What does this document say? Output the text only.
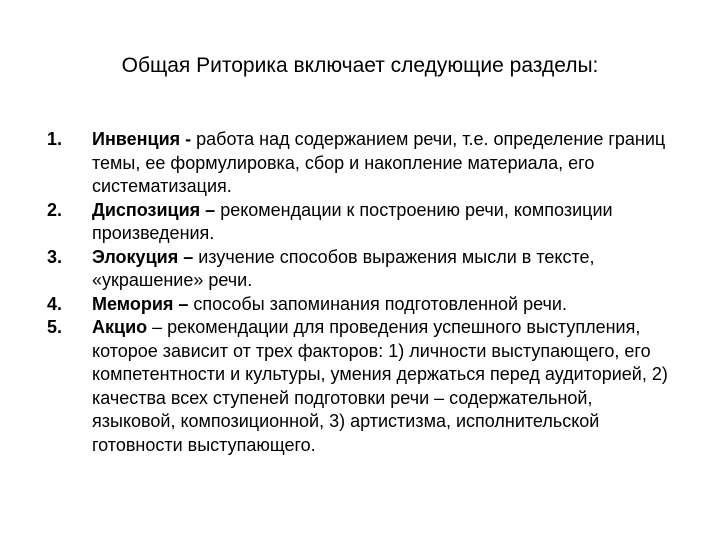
Общая Риторика включает следующие разделы:
1. Инвенция - работа над содержанием речи, т.е. определение границ темы, ее формулировка, сбор и накопление материала, его систематизация.
2. Диспозиция – рекомендации к построению речи, композиции произведения.
3. Элокуция – изучение способов выражения мысли в тексте, «украшение» речи.
4. Мемория – способы запоминания подготовленной речи.
5. Акцио – рекомендации для проведения успешного выступления, которое зависит от трех факторов: 1) личности выступающего, его компетентности и культуры, умения держаться перед аудиторией, 2) качества всех ступеней подготовки речи – содержательной, языковой, композиционной, 3) артистизма, исполнительской готовности выступающего.
